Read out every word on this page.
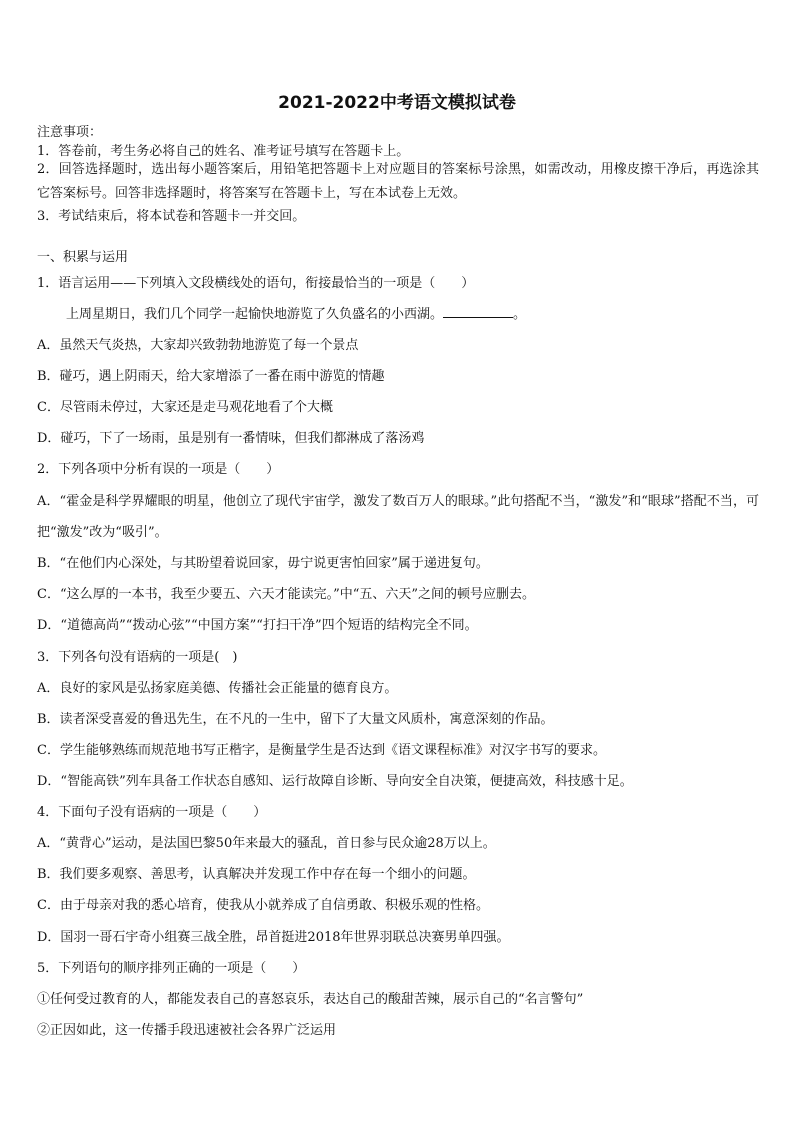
2021-2022中考语文模拟试卷
注意事项：
1．答卷前，考生务必将自己的姓名、准考证号填写在答题卡上。
2．回答选择题时，选出每小题答案后，用铅笔把答题卡上对应题目的答案标号涂黑，如需改动，用橡皮擦干净后，再选涂其它答案标号。回答非选择题时，将答案写在答题卡上，写在本试卷上无效。
3．考试结束后，将本试卷和答题卡一并交回。
一、积累与运用
1．语言运用——下列填入文段横线处的语句，衔接最恰当的一项是（　　）
上周星期日，我们几个同学一起愉快地游览了久负盛名的小西湖。	。
A．虽然天气炎热，大家却兴致勃勃地游览了每一个景点
B．碰巧，遇上阴雨天，给大家增添了一番在雨中游览的情趣
C．尽管雨未停过，大家还是走马观花地看了个大概
D．碰巧，下了一场雨，虽是别有一番情味，但我们都淋成了落汤鸡
2．下列各项中分析有误的一项是（　　）
A．“霍金是科学界耀眼的明星，他创立了现代宇宙学，激发了数百万人的眼球。”此句搭配不当，“激发”和“眼球”搭配不当，可把“激发”改为“吸引”。
B．“在他们内心深处，与其盼望着说回家，毋宁说更害怕回家”属于递进复句。
C．“这么厚的一本书，我至少要五、六天才能读完。”中“五、六天”之间的顿号应删去。
D．“道德高尚”“拨动心弦”“中国方案”“打扫干净”四个短语的结构完全不同。
3．下列各句没有语病的一项是(　)
A．良好的家风是弘扬家庭美德、传播社会正能量的德育良方。
B．读者深受喜爱的鲁迅先生，在不凡的一生中，留下了大量文风质朴，寓意深刻的作品。
C．学生能够熟练而规范地书写正楷字，是衡量学生是否达到《语文课程标准》对汉字书写的要求。
D．“智能高铁”列车具备工作状态自感知、运行故障自诊断、导向安全自决策，便捷高效，科技感十足。
4．下面句子没有语病的一项是（　　）
A．“黄背心”运动，是法国巴黎50年来最大的骚乱，首日参与民众逾28万以上。
B．我们要多观察、善思考，认真解决并发现工作中存在每一个细小的问题。
C．由于母亲对我的悉心培育，使我从小就养成了自信勇敢、积极乐观的性格。
D．国羽一哥石宇奇小组赛三战全胜，昂首挺进2018年世界羽联总决赛男单四强。
5．下列语句的顺序排列正确的一项是（　　）
①任何受过教育的人，都能发表自己的喜怒哀乐，表达自己的酸甜苦辣，展示自己的“名言警句”
②正因如此，这一传播手段迅速被社会各界广泛运用
